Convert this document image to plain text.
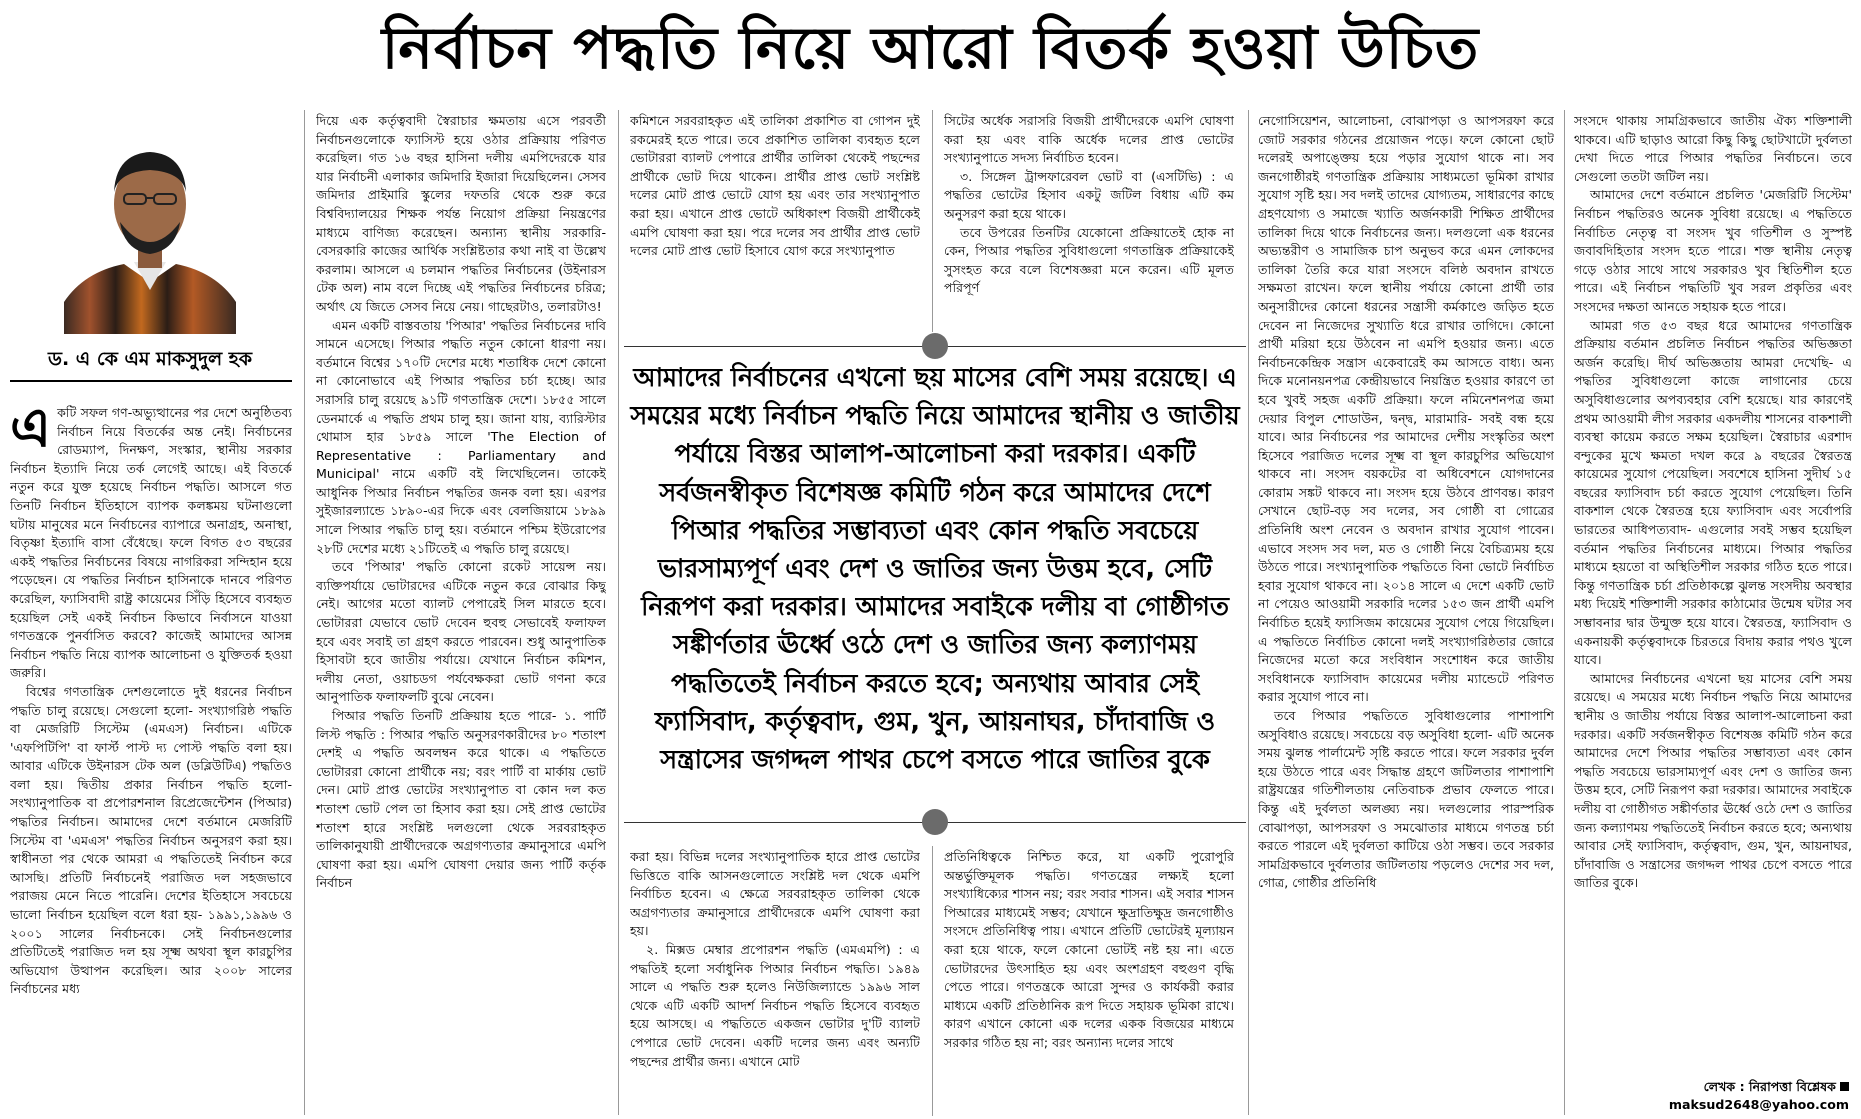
নির্বাচন পদ্ধতি নিয়ে আরো বিতর্ক হওয়া উচিত
ড. এ কে এম মাকসুদুল হক

একটি সফল গণ-অভ্যুত্থানের পর দেশে অনুষ্ঠিতব্য নির্বাচন নিয়ে বিতর্কের অন্ত নেই। নির্বাচনের রোডম্যাপ, দিনক্ষণ, সংস্কার, স্থানীয় সরকার নির্বাচন ইত্যাদি নিয়ে তর্ক লেগেই আছে। এই বিতর্কে নতুন করে যুক্ত হয়েছে নির্বাচন পদ্ধতি। আসলে গত তিনটি নির্বাচন ইতিহাসে ব্যাপক কলঙ্কময় ঘটনাগুলো ঘটায় মানুষের মনে নির্বাচনের ব্যাপারে অনাগ্রহ, অনাস্থা, বিতৃষ্ণা ইত্যাদি বাসা বেঁধেছে। ফলে বিগত ৫৩ বছরের একই পদ্ধতির নির্বাচনের বিষয়ে নাগরিকরা সন্দিহান হয়ে পড়েছেন। যে পদ্ধতির নির্বাচন হাসিনাকে দানবে পরিণত করেছিল, ফ্যাসিবাদী রাষ্ট্র কায়েমের সিঁড়ি হিসেবে ব্যবহৃত হয়েছিল সেই একই নির্বাচন কিভাবে নির্বাসনে যাওয়া গণতন্ত্রকে পুনর্বাসিত করবে? কাজেই আমাদের আসন্ন নির্বাচন পদ্ধতি নিয়ে ব্যাপক আলোচনা ও যুক্তিতর্ক হওয়া জরুরি।

বিশ্বের গণতান্ত্রিক দেশগুলোতে দুই ধরনের নির্বাচন পদ্ধতি চালু রয়েছে। সেগুলো হলো- সংখ্যাগরিষ্ঠ পদ্ধতি বা মেজরিটি সিস্টেম (এমএস) নির্বাচন। এটিকে 'এফপিটিপি' বা ফার্স্ট পাস্ট দ্য পোস্ট পদ্ধতি বলা হয়। আবার এটিকে উইনারস টেক অল (ডব্লিউটিএ) পদ্ধতিও বলা হয়। দ্বিতীয় প্রকার নির্বাচন পদ্ধতি হলো- সংখ্যানুপাতিক বা প্রপোরশনাল রিপ্রেজেন্টেশন (পিআর) পদ্ধতির নির্বাচন। আমাদের দেশে বর্তমানে মেজরিটি সিস্টেম বা 'এমএস' পদ্ধতির নির্বাচন অনুসরণ করা হয়। স্বাধীনতা পর থেকে আমরা এ পদ্ধতিতেই নির্বাচন করে আসছি। প্রতিটি নির্বাচনেই পরাজিত দল সহজভাবে পরাজয় মেনে নিতে পারেনি। দেশের ইতিহাসে সবচেয়ে ভালো নির্বাচন হয়েছিল বলে ধরা হয়- ১৯৯১,১৯৯৬ ও ২০০১ সালের নির্বাচনকে। সেই নির্বাচনগুলোর প্রতিটিতেই পরাজিত দল হয় সূক্ষ্ম অথবা স্থূল কারচুপির অভিযোগ উত্থাপন করেছিল। আর ২০০৮ সালের নির্বাচনের মধ্য

দিয়ে এক কর্তৃত্ববাদী স্বৈরাচার ক্ষমতায় এসে পরবর্তী নির্বাচনগুলোকে ফ্যাসিস্ট হয়ে ওঠার প্রক্রিয়ায় পরিণত করেছিল। গত ১৬ বছর হাসিনা দলীয় এমপিদেরকে যার যার নির্বাচনী এলাকার জমিদারি ইজারা দিয়েছিলেন। সেসব জমিদার প্রাইমারি স্কুলের দফতরি থেকে শুরু করে বিশ্ববিদ্যালয়ের শিক্ষক পর্যন্ত নিয়োগ প্রক্রিয়া নিয়ন্ত্রণের মাধ্যমে বাণিজ্য করেছেন। অন্যান্য স্থানীয় সরকারি-বেসরকারি কাজের আর্থিক সংশ্লিষ্টতার কথা নাই বা উল্লেখ করলাম। আসলে এ চলমান পদ্ধতির নির্বাচনের (উইনারস টেক অল) নাম বলে দিচ্ছে এই পদ্ধতির নির্বাচনের চরিত্র; অর্থাৎ যে জিতে সেসব নিয়ে নেয়। গাছেরটাও, তলারটাও!

এমন একটি বাস্তবতায় 'পিআর' পদ্ধতির নির্বাচনের দাবি সামনে এসেছে। পিআর পদ্ধতি নতুন কোনো ধারণা নয়। বর্তমানে বিশ্বের ১৭০টি দেশের মধ্যে শতাধিক দেশে কোনো না কোনোভাবে এই পিআর পদ্ধতির চর্চা হচ্ছে। আর সরাসরি চালু রয়েছে ৯১টি গণতান্ত্রিক দেশে। ১৮৫৫ সালে ডেনমার্কে এ পদ্ধতি প্রথম চালু হয়। জানা যায়, ব্যারিস্টার থোমাস হার ১৮৫৯ সালে 'The Election of Representative : Parliamentary and Municipal' নামে একটি বই লিখেছিলেন। তাকেই আধুনিক পিআর নির্বাচন পদ্ধতির জনক বলা হয়। এরপর সুইজারল্যান্ডে ১৮৯০-এর দিকে এবং বেলজিয়ামে ১৮৯৯ সালে পিআর পদ্ধতি চালু হয়। বর্তমানে পশ্চিম ইউরোপের ২৮টি দেশের মধ্যে ২১টিতেই এ পদ্ধতি চালু রয়েছে।

তবে 'পিআর' পদ্ধতি কোনো রকেট সায়েন্স নয়। ব্যক্তিপর্যায়ে ভোটারদের এটিকে নতুন করে বোঝার কিছু নেই। আগের মতো ব্যালট পেপারেই সিল মারতে হবে। ভোটাররা যেভাবে ভোট দেবেন হুবহু সেভাবেই ফলাফল হবে এবং সবাই তা গ্রহণ করতে পারবেন। শুধু আনুপাতিক হিসাবটা হবে জাতীয় পর্যায়ে। যেখানে নির্বাচন কমিশন, দলীয় নেতা, ওয়াচডগ পর্যবেক্ষকরা ভোট গণনা করে আনুপাতিক ফলাফলটি বুঝে নেবেন।

পিআর পদ্ধতি তিনটি প্রক্রিয়ায় হতে পারে- ১. পার্টি লিস্ট পদ্ধতি : পিআর পদ্ধতি অনুসরণকারীদের ৮০ শতাংশ দেশই এ পদ্ধতি অবলম্বন করে থাকে। এ পদ্ধতিতে ভোটাররা কোনো প্রার্থীকে নয়; বরং পার্টি বা মার্কায় ভোট দেন। মোট প্রাপ্ত ভোটের সংখ্যানুপাত বা কোন দল কত শতাংশ ভোট পেল তা হিসাব করা হয়। সেই প্রাপ্ত ভোটের শতাংশ হারে সংশ্লিষ্ট দলগুলো থেকে সরবরাহকৃত তালিকানুযায়ী প্রার্থীদেরকে অগ্রগণ্যতার ক্রমানুসারে এমপি ঘোষণা করা হয়। এমপি ঘোষণা দেয়ার জন্য পার্টি কর্তৃক নির্বাচন

কমিশনে সরবরাহকৃত এই তালিকা প্রকাশিত বা গোপন দুই রকমেরই হতে পারে। তবে প্রকাশিত তালিকা ব্যবহৃত হলে ভোটাররা ব্যালট পেপারে প্রার্থীর তালিকা থেকেই পছন্দের প্রার্থীকে ভোট দিয়ে থাকেন। প্রার্থীর প্রাপ্ত ভোট সংশ্লিষ্ট দলের মোট প্রাপ্ত ভোটে যোগ হয় এবং তার সংখ্যানুপাত করা হয়। এখানে প্রাপ্ত ভোটে অধিকাংশ বিজয়ী প্রার্থীকেই এমপি ঘোষণা করা হয়। পরে দলের সব প্রার্থীর প্রাপ্ত ভোট দলের মোট প্রাপ্ত ভোট হিসাবে যোগ করে সংখ্যানুপাত

সিটের অর্ধেক সরাসরি বিজয়ী প্রার্থীদেরকে এমপি ঘোষণা করা হয় এবং বাকি অর্ধেক দলের প্রাপ্ত ভোটের সংখ্যানুপাতে সদস্য নির্বাচিত হবেন।

৩. সিঙ্গেল ট্রান্সফারেবল ভোট বা (এসটিভি) : এ পদ্ধতির ভোটের হিসাব একটু জটিল বিধায় এটি কম অনুসরণ করা হয়ে থাকে।

তবে উপরের তিনটির যেকোনো প্রক্রিয়াতেই হোক না কেন, পিআর পদ্ধতির সুবিধাগুলো গণতান্ত্রিক প্রক্রিয়াকেই সুসংহত করে বলে বিশেষজ্ঞরা মনে করেন। এটি মূলত পরিপূর্ণ

আমাদের নির্বাচনের এখনো ছয় মাসের বেশি সময় রয়েছে। এ সময়ের মধ্যে নির্বাচন পদ্ধতি নিয়ে আমাদের স্থানীয় ও জাতীয় পর্যায়ে বিস্তর আলাপ-আলোচনা করা দরকার। একটি সর্বজনস্বীকৃত বিশেষজ্ঞ কমিটি গঠন করে আমাদের দেশে পিআর পদ্ধতির সম্ভাব্যতা এবং কোন পদ্ধতি সবচেয়ে ভারসাম্যপূর্ণ এবং দেশ ও জাতির জন্য উত্তম হবে, সেটি নিরূপণ করা দরকার। আমাদের সবাইকে দলীয় বা গোষ্ঠীগত সঙ্কীর্ণতার ঊর্ধ্বে ওঠে দেশ ও জাতির জন্য কল্যাণময় পদ্ধতিতেই নির্বাচন করতে হবে; অন্যথায় আবার সেই ফ্যাসিবাদ, কর্তৃত্ববাদ, গুম, খুন, আয়নাঘর, চাঁদাবাজি ও সন্ত্রাসের জগদ্দল পাথর চেপে বসতে পারে জাতির বুকে

করা হয়। বিভিন্ন দলের সংখ্যানুপাতিক হারে প্রাপ্ত ভোটের ভিত্তিতে বাকি আসনগুলোতে সংশ্লিষ্ট দল থেকে এমপি নির্বাচিত হবেন। এ ক্ষেত্রে সরবরাহকৃত তালিকা থেকে অগ্রগণ্যতার ক্রমানুসারে প্রার্থীদেরকে এমপি ঘোষণা করা হয়।

২. মিক্সড মেম্বার প্রপোরশন পদ্ধতি (এমএমপি) : এ পদ্ধতিই হলো সর্বাধুনিক পিআর নির্বাচন পদ্ধতি। ১৯৪৯ সালে এ পদ্ধতি শুরু হলেও নিউজিল্যান্ডে ১৯৯৬ সাল থেকে এটি একটি আদর্শ নির্বাচন পদ্ধতি হিসেবে ব্যবহৃত হয়ে আসছে। এ পদ্ধতিতে একজন ভোটার দু'টি ব্যালট পেপারে ভোট দেবেন। একটি দলের জন্য এবং অন্যটি পছন্দের প্রার্থীর জন্য। এখানে মোট

প্রতিনিধিত্বকে নিশ্চিত করে, যা একটি পুরোপুরি অন্তর্ভুক্তিমূলক পদ্ধতি। গণতন্ত্রের লক্ষ্যই হলো সংখ্যাধিক্যের শাসন নয়; বরং সবার শাসন। এই সবার শাসন পিআরের মাধ্যমেই সম্ভব; যেখানে ক্ষুদ্রাতিক্ষুদ্র জনগোষ্ঠীও সংসদে প্রতিনিধিত্ব পায়। এখানে প্রতিটি ভোটেরই মূল্যায়ন করা হয়ে থাকে, ফলে কোনো ভোটই নষ্ট হয় না। এতে ভোটারদের উৎসাহিত হয় এবং অংশগ্রহণ বহুগুণ বৃদ্ধি পেতে পারে। গণতন্ত্রকে আরো সুন্দর ও কার্যকরী করার মাধ্যমে একটি প্রতিষ্ঠানিক রূপ দিতে সহায়ক ভূমিকা রাখে। কারণ এখানে কোনো এক দলের একক বিজয়ের মাধ্যমে সরকার গঠিত হয় না; বরং অন্যান্য দলের সাথে

নেগোসিয়েশন, আলোচনা, বোঝাপড়া ও আপসরফা করে জোট সরকার গঠনের প্রয়োজন পড়ে। ফলে কোনো ছোট দলেরই অপাঙ্ক্তেয় হয়ে পড়ার সুযোগ থাকে না। সব জনগোষ্ঠীরই গণতান্ত্রিক প্রক্রিয়ায় সাধ্যমতো ভূমিকা রাখার সুযোগ সৃষ্টি হয়। সব দলই তাদের যোগ্যতম, সাধারণের কাছে গ্রহণযোগ্য ও সমাজে খ্যাতি অর্জনকারী শিক্ষিত প্রার্থীদের তালিকা দিয়ে থাকে নির্বাচনের জন্য। দলগুলো এক ধরনের অভ্যন্তরীণ ও সামাজিক চাপ অনুভব করে এমন লোকদের তালিকা তৈরি করে যারা সংসদে বলিষ্ঠ অবদান রাখতে সক্ষমতা রাখেন। ফলে স্থানীয় পর্যায়ে কোনো প্রার্থী তার অনুসারীদের কোনো ধরনের সন্ত্রাসী কর্মকাণ্ডে জড়িত হতে দেবেন না নিজেদের সুখ্যাতি ধরে রাখার তাগিদে। কোনো প্রার্থী মরিয়া হয়ে উঠবেন না এমপি হওয়ার জন্য। এতে নির্বাচনকেন্দ্রিক সন্ত্রাস একেবারেই কম আসতে বাধ্য। অন্য দিকে মনোনয়নপত্র কেন্দ্রীয়ভাবে নিয়ন্ত্রিত হওয়ার কারণে তা হবে খুবই সহজ একটি প্রক্রিয়া। ফলে নমিনেশনপত্র জমা দেয়ার বিপুল শোডাউন, দ্বন্দ্ব, মারামারি- সবই বন্ধ হয়ে যাবে। আর নির্বাচনের পর আমাদের দেশীয় সংস্কৃতির অংশ হিসেবে পরাজিত দলের সূক্ষ্ম বা স্থূল কারচুপির অভিযোগ থাকবে না। সংসদ বয়কটের বা অধিবেশনে যোগদানের কোরাম সঙ্কট থাকবে না। সংসদ হয়ে উঠবে প্রাণবন্ত। কারণ সেখানে ছোট-বড় সব দলের, সব গোষ্ঠী বা গোত্রের প্রতিনিধি অংশ নেবেন ও অবদান রাখার সুযোগ পাবেন। এভাবে সংসদ সব দল, মত ও গোষ্ঠী নিয়ে বৈচিত্র্যময় হয়ে উঠতে পারে। সংখ্যানুপাতিক পদ্ধতিতে বিনা ভোটে নির্বাচিত হবার সুযোগ থাকবে না। ২০১৪ সালে এ দেশে একটি ভোট না পেয়েও আওয়ামী সরকারি দলের ১৫৩ জন প্রার্থী এমপি নির্বাচিত হয়েই ফ্যাসিজম কায়েমের সুযোগ পেয়ে গিয়েছিল। এ পদ্ধতিতে নির্বাচিত কোনো দলই সংখ্যাগরিষ্ঠতার জোরে নিজেদের মতো করে সংবিধান সংশোধন করে জাতীয় সংবিধানকে ফ্যাসিবাদ কায়েমের দলীয় ম্যান্ডেটে পরিণত করার সুযোগ পাবে না।

তবে পিআর পদ্ধতিতে সুবিধাগুলোর পাশাপাশি অসুবিধাও রয়েছে। সবচেয়ে বড় অসুবিধা হলো- এটি অনেক সময় ঝুলন্ত পার্লামেন্ট সৃষ্টি করতে পারে। ফলে সরকার দুর্বল হয়ে উঠতে পারে এবং সিদ্ধান্ত গ্রহণে জটিলতার পাশাপাশি রাষ্ট্রযন্ত্রের গতিশীলতায় নেতিবাচক প্রভাব ফেলতে পারে। কিন্তু এই দুর্বলতা অলঙ্ঘ্য নয়। দলগুলোর পারস্পরিক বোঝাপড়া, আপসরফা ও সমঝোতার মাধ্যমে গণতন্ত্র চর্চা করতে পারলে এই দুর্বলতা কাটিয়ে ওঠা সম্ভব। তবে সরকার সামগ্রিকভাবে দুর্বলতার জটিলতায় পড়লেও দেশের সব দল, গোত্র, গোষ্ঠীর প্রতিনিধি

সংসদে থাকায় সামগ্রিকভাবে জাতীয় ঐক্য শক্তিশালী থাকবে। এটি ছাড়াও আরো কিছু কিছু ছোটখাটো দুর্বলতা দেখা দিতে পারে পিআর পদ্ধতির নির্বাচনে। তবে সেগুলো ততটা জটিল নয়।

আমাদের দেশে বর্তমানে প্রচলিত 'মেজরিটি সিস্টেম' নির্বাচন পদ্ধতিরও অনেক সুবিধা রয়েছে। এ পদ্ধতিতে নির্বাচিত নেতৃত্ব বা সংসদ খুব গতিশীল ও সুস্পষ্ট জবাবদিহিতার সংসদ হতে পারে। শক্ত স্থানীয় নেতৃত্ব গড়ে ওঠার সাথে সাথে সরকারও খুব স্থিতিশীল হতে পারে। এই নির্বাচন পদ্ধতিটি খুব সরল প্রকৃতির এবং সংসদের দক্ষতা আনতে সহায়ক হতে পারে।

আমরা গত ৫৩ বছর ধরে আমাদের গণতান্ত্রিক প্রক্রিয়ায় বর্তমান প্রচলিত নির্বাচন পদ্ধতির অভিজ্ঞতা অর্জন করেছি। দীর্ঘ অভিজ্ঞতায় আমরা দেখেছি- এ পদ্ধতির সুবিধাগুলো কাজে লাগানোর চেয়ে অসুবিধাগুলোর অপব্যবহার বেশি হয়েছে। যার কারণেই প্রথম আওয়ামী লীগ সরকার একদলীয় শাসনের বাকশালী ব্যবস্থা কায়েম করতে সক্ষম হয়েছিল। স্বৈরাচার এরশাদ বন্দুকের মুখে ক্ষমতা দখল করে ৯ বছরের স্বৈরতন্ত্র কায়েমের সুযোগ পেয়েছিল। সবশেষে হাসিনা সুদীর্ঘ ১৫ বছরের ফ্যাসিবাদ চর্চা করতে সুযোগ পেয়েছিল। তিনি বাকশাল থেকে স্বৈরতন্ত্র হয়ে ফ্যাসিবাদ এবং সর্বোপরি ভারতের আধিপত্যবাদ- এগুলোর সবই সম্ভব হয়েছিল বর্তমান পদ্ধতির নির্বাচনের মাধ্যমে। পিআর পদ্ধতির মাধ্যমে হয়তো বা অস্থিতিশীল সরকার গঠিত হতে পারে। কিন্তু গণতান্ত্রিক চর্চা প্রতিষ্ঠাকল্পে ঝুলন্ত সংসদীয় অবস্থার মধ্য দিয়েই শক্তিশালী সরকার কাঠামোর উন্মেষ ঘটার সব সম্ভাবনার দ্বার উন্মুক্ত হয়ে যাবে। স্বৈরতন্ত্র, ফ্যাসিবাদ ও একনায়কী কর্তৃত্ববাদকে চিরতরে বিদায় করার পথও খুলে যাবে।

আমাদের নির্বাচনের এখনো ছয় মাসের বেশি সময় রয়েছে। এ সময়ের মধ্যে নির্বাচন পদ্ধতি নিয়ে আমাদের স্থানীয় ও জাতীয় পর্যায়ে বিস্তর আলাপ-আলোচনা করা দরকার। একটি সর্বজনস্বীকৃত বিশেষজ্ঞ কমিটি গঠন করে আমাদের দেশে পিআর পদ্ধতির সম্ভাব্যতা এবং কোন পদ্ধতি সবচেয়ে ভারসাম্যপূর্ণ এবং দেশ ও জাতির জন্য উত্তম হবে, সেটি নিরূপণ করা দরকার। আমাদের সবাইকে দলীয় বা গোষ্ঠীগত সঙ্কীর্ণতার ঊর্ধ্বে ওঠে দেশ ও জাতির জন্য কল্যাণময় পদ্ধতিতেই নির্বাচন করতে হবে; অন্যথায় আবার সেই ফ্যাসিবাদ, কর্তৃত্ববাদ, গুম, খুন, আয়নাঘর, চাঁদাবাজি ও সন্ত্রাসের জগদ্দল পাথর চেপে বসতে পারে জাতির বুকে।

লেখক : নিরাপত্তা বিশ্লেষক
maksud2648@yahoo.com
